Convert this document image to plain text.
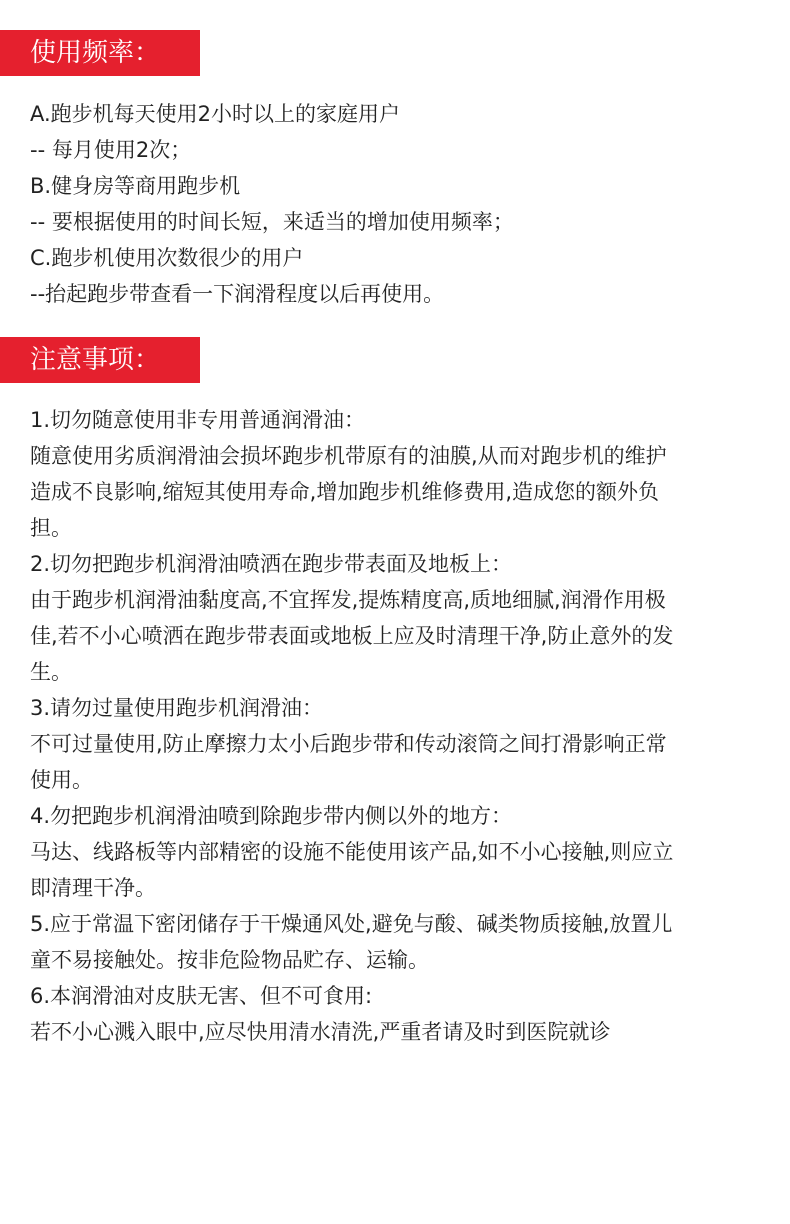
使用频率：
A.跑步机每天使用2小时以上的家庭用户
-- 每月使用2次；
B.健身房等商用跑步机
-- 要根据使用的时间长短，来适当的增加使用频率；
C.跑步机使用次数很少的用户
--抬起跑步带查看一下润滑程度以后再使用。
注意事项：
1.切勿随意使用非专用普通润滑油：
随意使用劣质润滑油会损坏跑步机带原有的油膜,从而对跑步机的维护
造成不良影响,缩短其使用寿命,增加跑步机维修费用,造成您的额外负
担。
2.切勿把跑步机润滑油喷洒在跑步带表面及地板上：
由于跑步机润滑油黏度高,不宜挥发,提炼精度高,质地细腻,润滑作用极
佳,若不小心喷洒在跑步带表面或地板上应及时清理干净,防止意外的发
生。
3.请勿过量使用跑步机润滑油：
不可过量使用,防止摩擦力太小后跑步带和传动滚筒之间打滑影响正常
使用。
4.勿把跑步机润滑油喷到除跑步带内侧以外的地方：
马达、线路板等内部精密的设施不能使用该产品,如不小心接触,则应立
即清理干净。
5.应于常温下密闭储存于干燥通风处,避免与酸、碱类物质接触,放置儿
童不易接触处。按非危险物品贮存、运输。
6.本润滑油对皮肤无害、但不可食用:
若不小心溅入眼中,应尽快用清水清洗,严重者请及时到医院就诊
